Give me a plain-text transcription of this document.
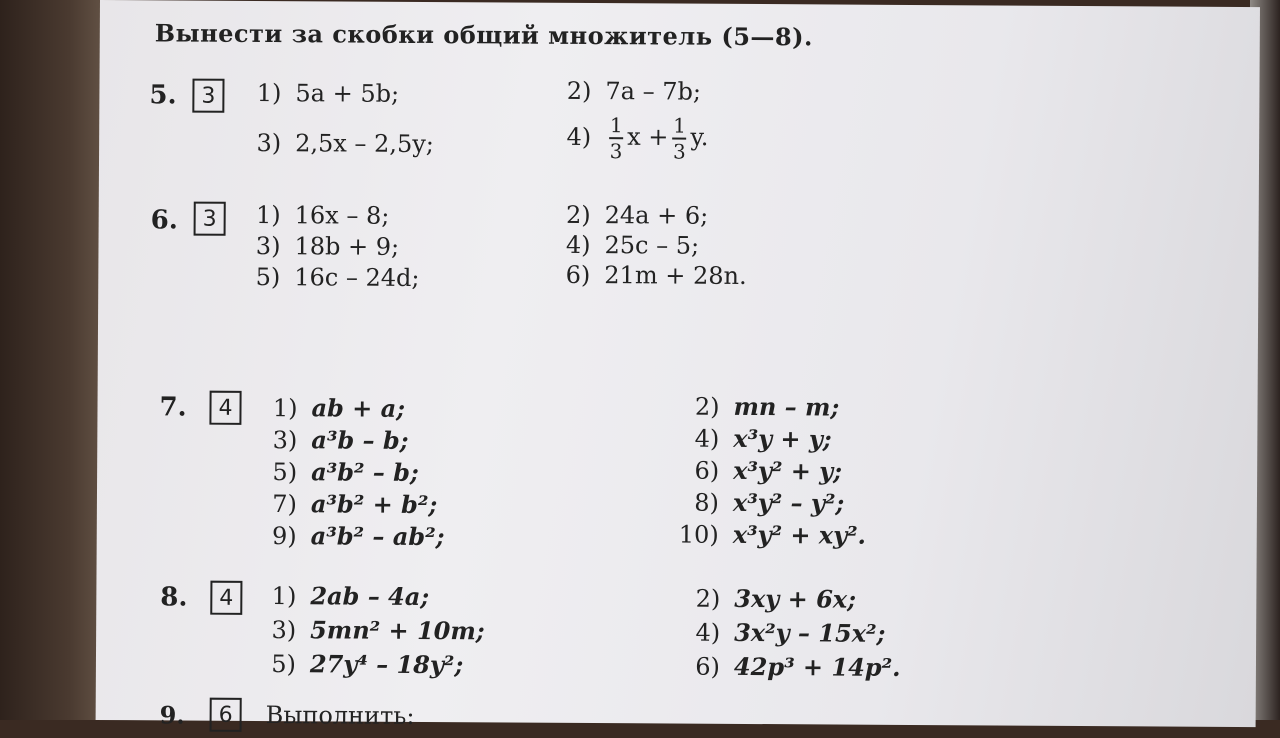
Вынести за скобки общий множитель (5—8).
5.	3	1) 5a + 5b;	2) 7a – 7b;
3) 2,5x – 2,5y;	$4) \frac{1}{3}$ $x + \frac{1}{3} y$.
6.	3	1) 16x – 8;	2) 24a + 6;
3) 18b + 9;	4) 25c – 5;
5) 16c – 24d;	6) 21m + 28n.
7.	4	1) ab + a;	2) mn – m;
3) a³b – b;	4) x³y + y;
5) a³b² – b;	6) x³y² + y;
7) a³b² + b²;	8) x³y² – y²;
9) a³b² – ab²;	10) x³y² + xy².
8.	4	1) 2ab – 4a;	2) 3xy + 6x;
3) 5mn² + 10m;	4) 3x²y – 15x²;
5) 27y⁴ – 18y²;	6) 42p³ + 14p².
9.	6	Выполнить:
